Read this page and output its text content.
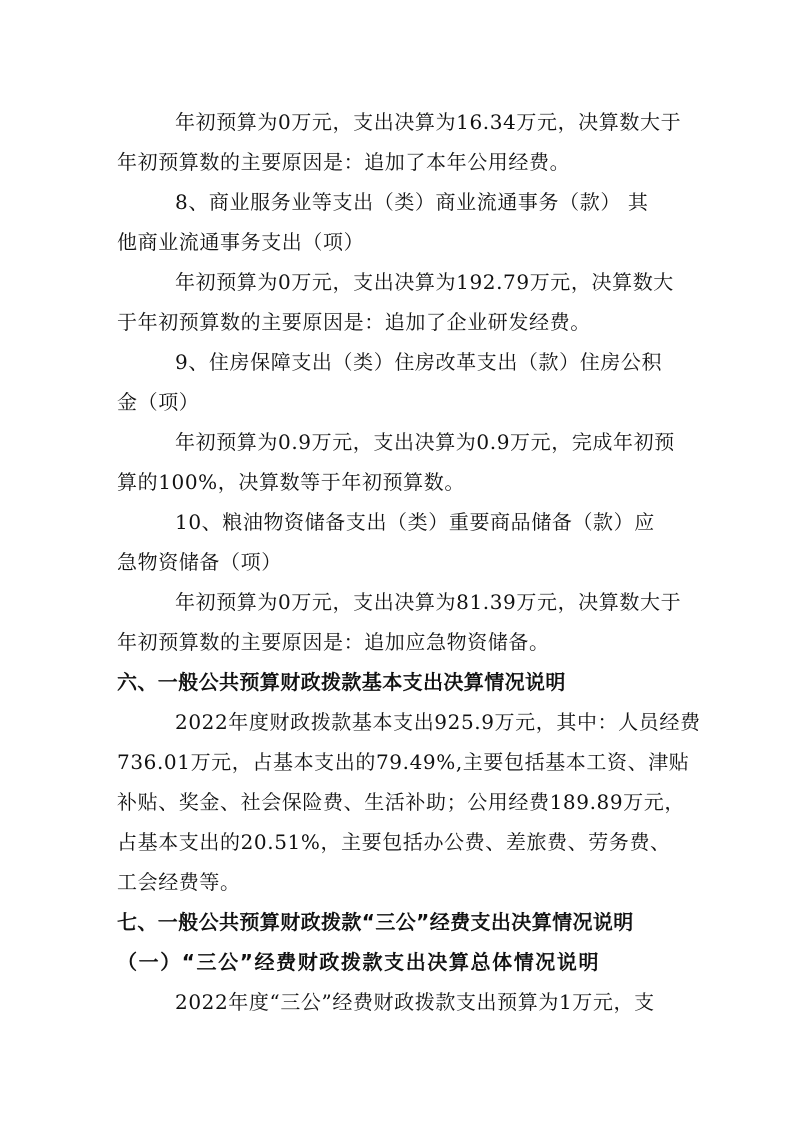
年初预算为0万元，支出决算为16.34万元，决算数大于
年初预算数的主要原因是：追加了本年公用经费。
8、商业服务业等支出（类）商业流通事务（款） 其
他商业流通事务支出（项）
年初预算为0万元，支出决算为192.79万元，决算数大
于年初预算数的主要原因是：追加了企业研发经费。
9、住房保障支出（类）住房改革支出（款）住房公积
金（项）
年初预算为0.9万元，支出决算为0.9万元，完成年初预
算的100%，决算数等于年初预算数。
10、粮油物资储备支出（类）重要商品储备（款）应
急物资储备（项）
年初预算为0万元，支出决算为81.39万元，决算数大于
年初预算数的主要原因是：追加应急物资储备。
六、一般公共预算财政拨款基本支出决算情况说明
2022年度财政拨款基本支出925.9万元，其中：人员经费
736.01万元，占基本支出的79.49%,主要包括基本工资、津贴
补贴、奖金、社会保险费、生活补助；公用经费189.89万元，
占基本支出的20.51%，主要包括办公费、差旅费、劳务费、
工会经费等。
七、一般公共预算财政拨款“三公”经费支出决算情况说明
（一）“三公”经费财政拨款支出决算总体情况说明
2022年度“三公”经费财政拨款支出预算为1万元，支
